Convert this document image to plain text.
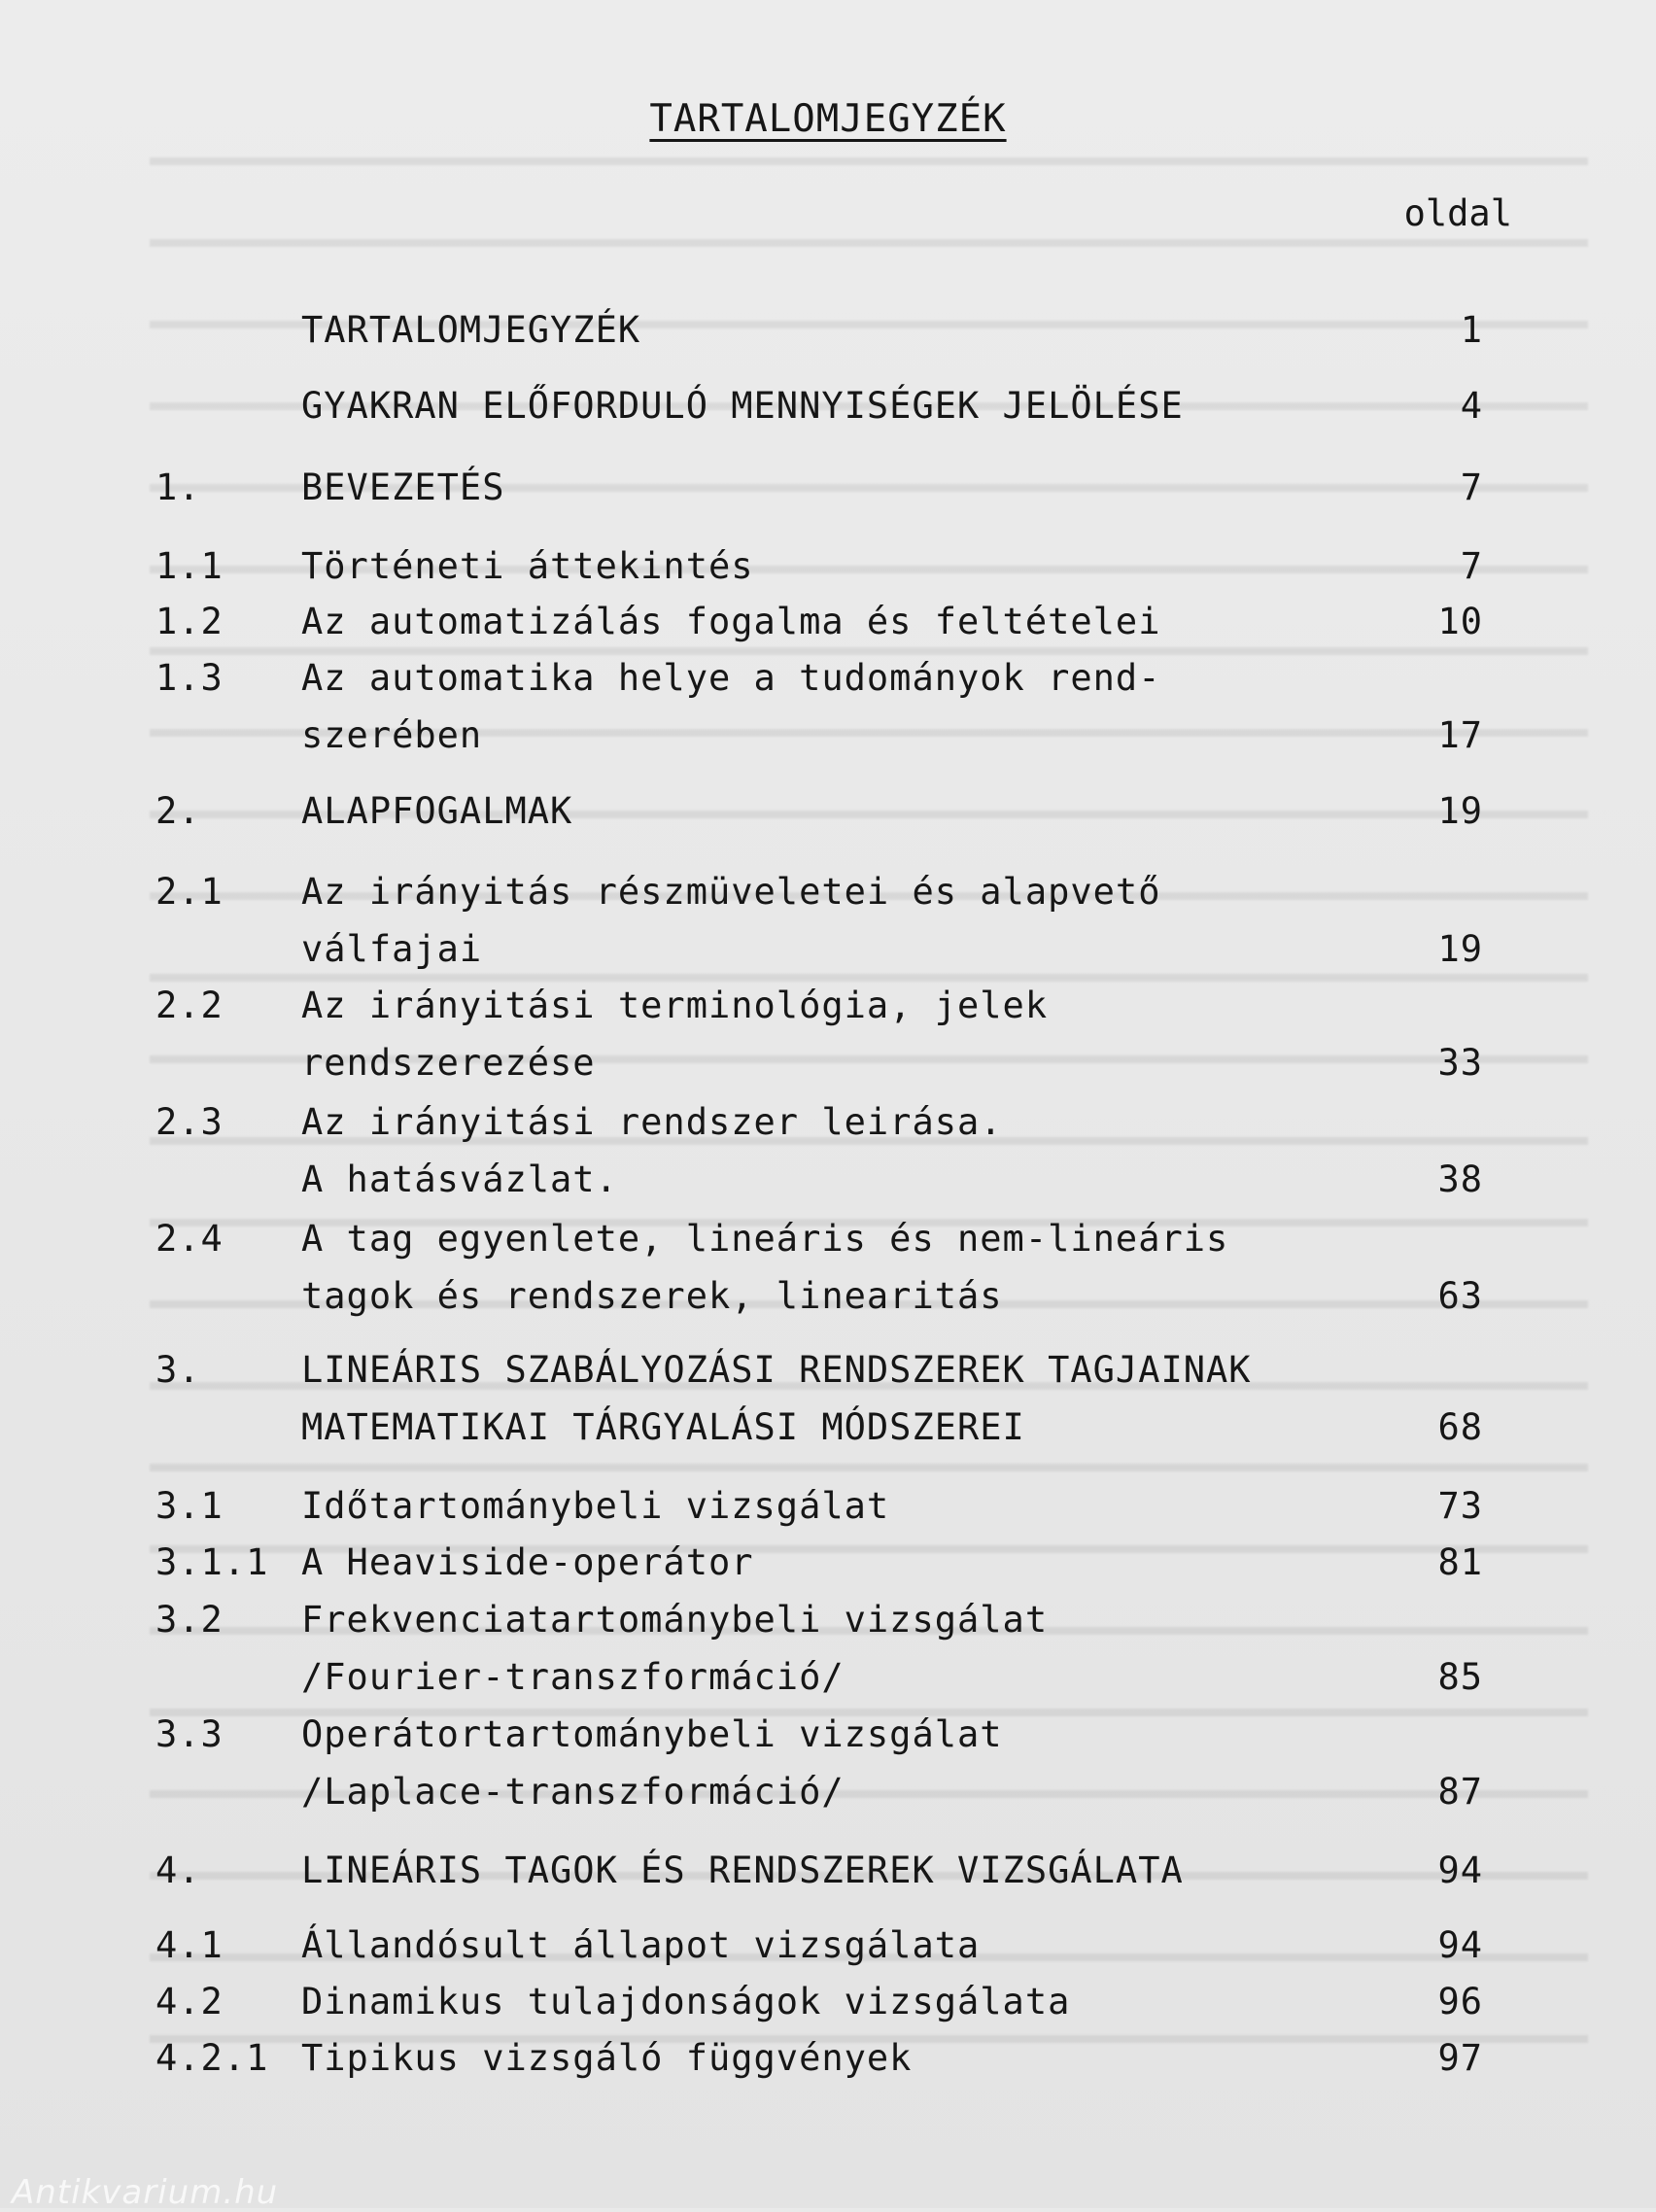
TARTALOMJEGYZÉK
oldal
TARTALOMJEGYZÉK	1
GYAKRAN ELŐFORDULÓ MENNYISÉGEK JELÖLÉSE	4
1.	BEVEZETÉS	7
1.1 Történeti áttekintés	7
1.2 Az automatizálás fogalma és feltételei	10
1.3 Az automatika helye a tudományok rend-
szerében	17
2.	ALAPFOGALMAK	19
2.1 Az irányitás részmüveletei és alapvető
válfajai	19
2.2 Az irányitási terminológia, jelek
rendszerezése	33
2.3 Az irányitási rendszer leirása.
A hatásvázlat.	38
2.4 A tag egyenlete, lineáris és nem-lineáris
tagok és rendszerek, linearitás	63
3.	LINEÁRIS SZABÁLYOZÁSI RENDSZEREK TAGJAINAK
MATEMATIKAI TÁRGYALÁSI MÓDSZEREI	68
3.1 Időtartománybeli vizsgálat	73
3.1.1 A Heaviside-operátor	81
3.2 Frekvenciatartománybeli vizsgálat
/Fourier-transzformáció/	85
3.3 Operátortartománybeli vizsgálat
/Laplace-transzformáció/	87
4.	LINEÁRIS TAGOK ÉS RENDSZEREK VIZSGÁLATA	94
4.1 Állandósult állapot vizsgálata	94
4.2 Dinamikus tulajdonságok vizsgálata	96
4.2.1 Tipikus vizsgáló függvények	97
Antikvarium.hu
